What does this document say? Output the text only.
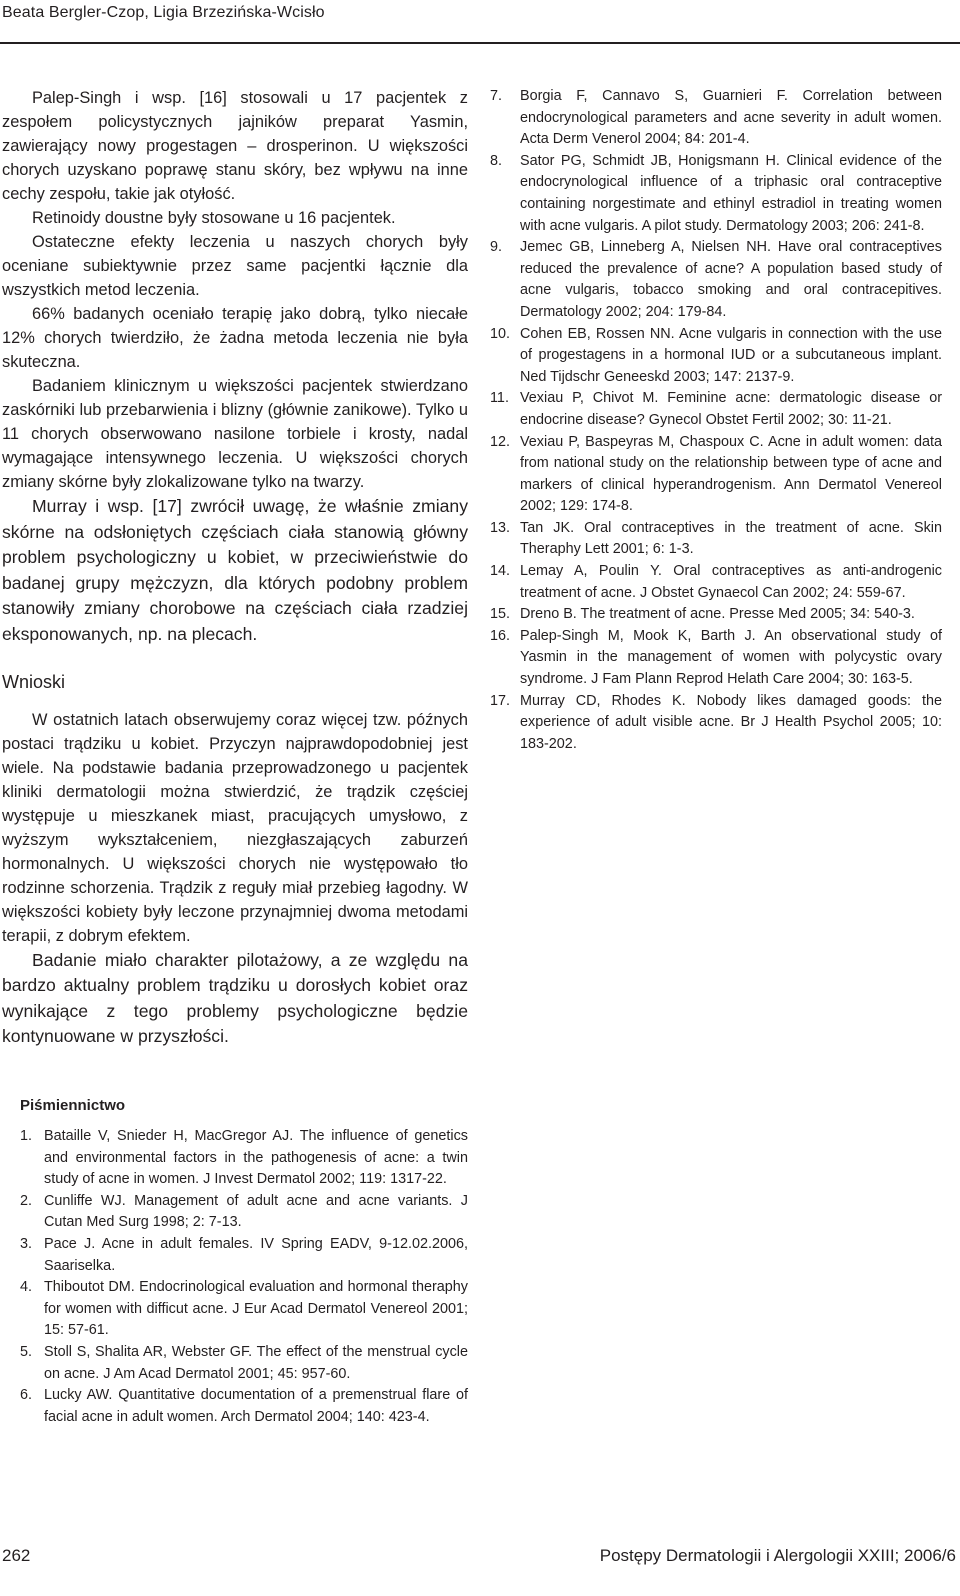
Beata Bergler-Czop, Ligia Brzezińska-Wcisło

Palep-Singh i wsp. [16] stosowali u 17 pacjentek z zespołem policystycznych jajników preparat Yasmin, zawierający nowy progestagen – drosperinon. U większości chorych uzyskano poprawę stanu skóry, bez wpływu na inne cechy zespołu, takie jak otyłość.

Retinoidy doustne były stosowane u 16 pacjentek.

Ostateczne efekty leczenia u naszych chorych były oceniane subiektywnie przez same pacjentki łącznie dla wszystkich metod leczenia.

66% badanych oceniało terapię jako dobrą, tylko niecałe 12% chorych twierdziło, że żadna metoda leczenia nie była skuteczna.

Badaniem klinicznym u większości pacjentek stwierdzano zaskórniki lub przebarwienia i blizny (głównie zanikowe). Tylko u 11 chorych obserwowano nasilone torbiele i krosty, nadal wymagające intensywnego leczenia. U większości chorych zmiany skórne były zlokalizowane tylko na twarzy.

Murray i wsp. [17] zwrócił uwagę, że właśnie zmiany skórne na odsłoniętych częściach ciała stanowią główny problem psychologiczny u kobiet, w przeciwieństwie do badanej grupy mężczyzn, dla których podobny problem stanowiły zmiany chorobowe na częściach ciała rzadziej eksponowanych, np. na plecach.

Wnioski

W ostatnich latach obserwujemy coraz więcej tzw. późnych postaci trądziku u kobiet. Przyczyn najprawdopodobniej jest wiele. Na podstawie badania przeprowadzonego u pacjentek kliniki dermatologii można stwierdzić, że trądzik częściej występuje u mieszkanek miast, pracujących umysłowo, z wyższym wykształceniem, niezgłaszających zaburzeń hormonalnych. U większości chorych nie występowało tło rodzinne schorzenia. Trądzik z reguły miał przebieg łagodny. W większości kobiety były leczone przynajmniej dwoma metodami terapii, z dobrym efektem.

Badanie miało charakter pilotażowy, a ze względu na bardzo aktualny problem trądziku u dorosłych kobiet oraz wynikające z tego problemy psychologiczne będzie kontynuowane w przyszłości.

Piśmiennictwo
1. Bataille V, Snieder H, MacGregor AJ. The influence of genetics and environmental factors in the pathogenesis of acne: a twin study of acne in women. J Invest Dermatol 2002; 119: 1317-22.
2. Cunliffe WJ. Management of adult acne and acne variants. J Cutan Med Surg 1998; 2: 7-13.
3. Pace J. Acne in adult females. IV Spring EADV, 9-12.02.2006, Saariselka.
4. Thiboutot DM. Endocrinological evaluation and hormonal theraphy for women with difficut acne. J Eur Acad Dermatol Venereol 2001; 15: 57-61.
5. Stoll S, Shalita AR, Webster GF. The effect of the menstrual cycle on acne. J Am Acad Dermatol 2001; 45: 957-60.
6. Lucky AW. Quantitative documentation of a premenstrual flare of facial acne in adult women. Arch Dermatol 2004; 140: 423-4.
7. Borgia F, Cannavo S, Guarnieri F. Correlation between endocrynological parameters and acne severity in adult women. Acta Derm Venerol 2004; 84: 201-4.
8. Sator PG, Schmidt JB, Honigsmann H. Clinical evidence of the endocrynological influence of a triphasic oral contraceptive containing norgestimate and ethinyl estradiol in treating women with acne vulgaris. A pilot study. Dermatology 2003; 206: 241-8.
9. Jemec GB, Linneberg A, Nielsen NH. Have oral contraceptives reduced the prevalence of acne? A population based study of acne vulgaris, tobacco smoking and oral contracepitives. Dermatology 2002; 204: 179-84.
10. Cohen EB, Rossen NN. Acne vulgaris in connection with the use of progestagens in a hormonal IUD or a subcutaneous implant. Ned Tijdschr Geneeskd 2003; 147: 2137-9.
11. Vexiau P, Chivot M. Feminine acne: dermatologic disease or endocrine disease? Gynecol Obstet Fertil 2002; 30: 11-21.
12. Vexiau P, Baspeyras M, Chaspoux C. Acne in adult women: data from national study on the relationship between type of acne and markers of clinical hyperandrogenism. Ann Dermatol Venereol 2002; 129: 174-8.
13. Tan JK. Oral contraceptives in the treatment of acne. Skin Theraphy Lett 2001; 6: 1-3.
14. Lemay A, Poulin Y. Oral contraceptives as anti-androgenic treatment of acne. J Obstet Gynaecol Can 2002; 24: 559-67.
15. Dreno B. The treatment of acne. Presse Med 2005; 34: 540-3.
16. Palep-Singh M, Mook K, Barth J. An observational study of Yasmin in the management of women with polycystic ovary syndrome. J Fam Plann Reprod Helath Care 2004; 30: 163-5.
17. Murray CD, Rhodes K. Nobody likes damaged goods: the experience of adult visible acne. Br J Health Psychol 2005; 10: 183-202.
262	Postępy Dermatologii i Alergologii XXIII; 2006/6
